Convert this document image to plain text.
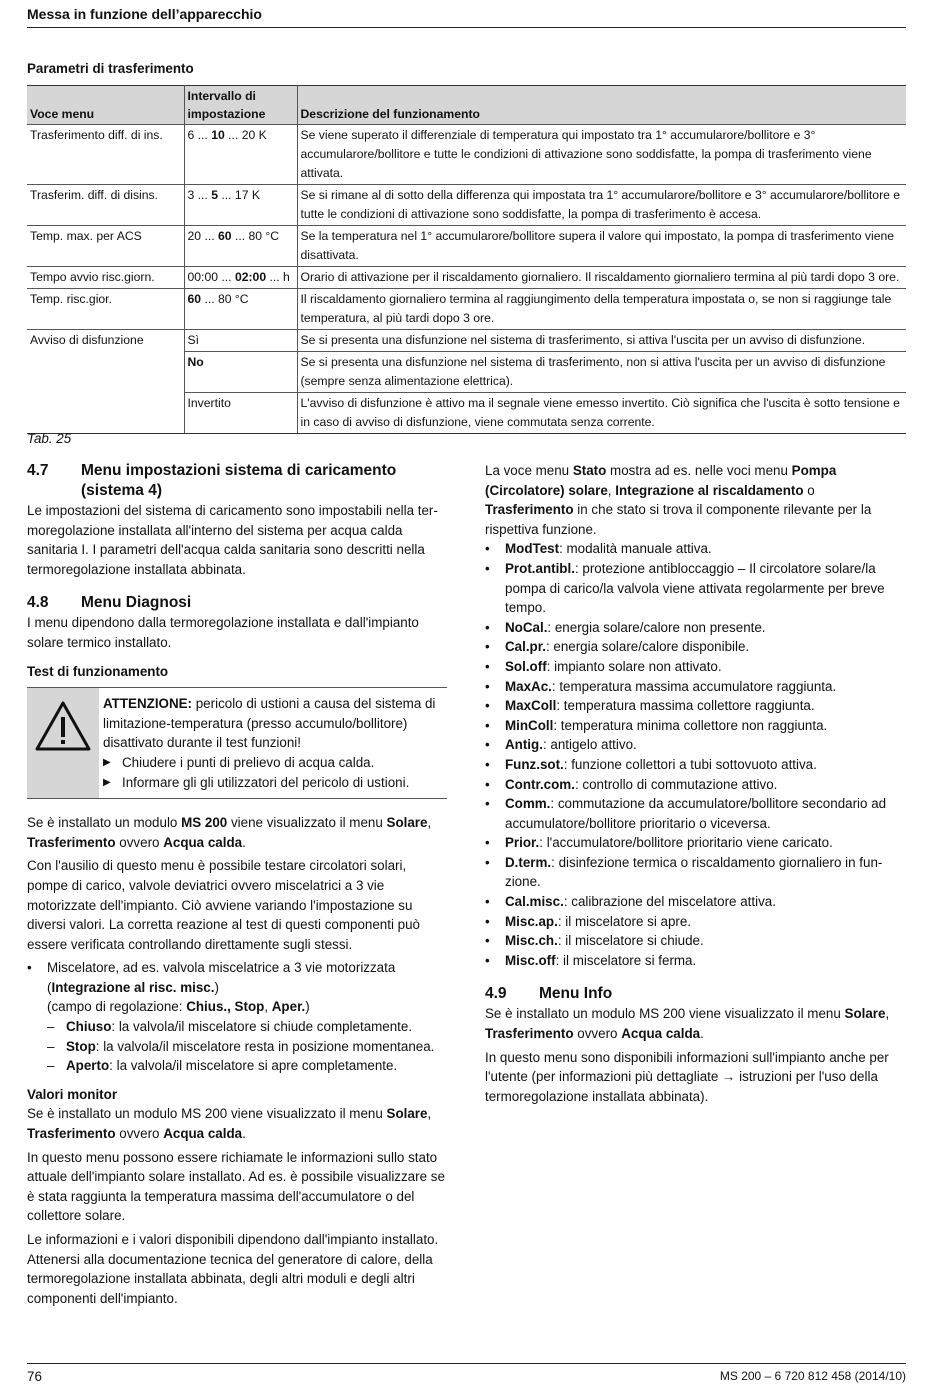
Messa in funzione dell’apparecchio
Parametri di trasferimento
Voce menu	Intervallo di impostazione	Descrizione del funzionamento
Trasferimento diff. di ins.	6 ... 10 ... 20 K	Se viene superato il differenziale di temperatura qui impostato tra 1° accumularore/bollitore e 3° accumularore/bollitore e tutte le condizioni di attivazione sono soddisfatte, la pompa di trasferimento viene attivata.
Trasferim. diff. di disins.	3 ... 5 ... 17 K	Se si rimane al di sotto della differenza qui impostata tra 1° accumularore/bollitore e 3° accumularore/bollitore e tutte le condizioni di attivazione sono soddisfatte, la pompa di trasferimento è accesa.
Temp. max. per ACS	20 ... 60 ... 80 °C	Se la temperatura nel 1° accumularore/bollitore supera il valore qui impostato, la pompa di trasferimento viene disattivata.
Tempo avvio risc.giorn.	00:00 ... 02:00 ... h	Orario di attivazione per il riscaldamento giornaliero. Il riscaldamento giornaliero termina al più tardi dopo 3 ore.
Temp. risc.gior.	60 ... 80 °C	Il riscaldamento giornaliero termina al raggiungimento della temperatura impostata o, se non si raggiunge tale temperatura, al più tardi dopo 3 ore.
Avviso di disfunzione	Sì	Se si presenta una disfunzione nel sistema di trasferimento, si attiva l'uscita per un avviso di disfunzione.
	No	Se si presenta una disfunzione nel sistema di trasferimento, non si attiva l'uscita per un avviso di disfunzione (sempre senza alimentazione elettrica).
	Invertito	L'avviso di disfunzione è attivo ma il segnale viene emesso invertito. Ciò significa che l'uscita è sotto tensione e in caso di avviso di disfunzione, viene commutata senza corrente.
Tab. 25
4.7	Menu impostazioni sistema di caricamento (sistema 4)

Le impostazioni del sistema di caricamento sono impostabili nella termoregolazione installata all'interno del sistema per acqua calda sanitaria I. I parametri dell'acqua calda sanitaria sono descritti nella termoregolazione installata abbinata.

4.8	Menu Diagnosi

I menu dipendono dalla termoregolazione installata e dall'impianto solare termico installato.

Test di funzionamento

ATTENZIONE: pericolo di ustioni a causa del sistema di limitazione-temperatura (presso accumulo/bollitore) disattivato durante il test funzioni!

▶ Chiudere i punti di prelievo di acqua calda.
▶ Informare gli gli utilizzatori del pericolo di ustioni.

Se è installato un modulo MS 200 viene visualizzato il menu Solare, Trasferimento ovvero Acqua calda.

Con l'ausilio di questo menu è possibile testare circolatori solari, pompe di carico, valvole deviatrici ovvero miscelatrici a 3 vie motorizzate dell'impianto. Ciò avviene variando l'impostazione su diversi valori. La corretta reazione al test di questi componenti può essere verificata controllando direttamente sugli stessi.

•	Miscelatore, ad es. valvola miscelatrice a 3 vie motorizzata
(Integrazione al risc. misc.)
(campo di regolazione: Chius., Stop, Aper.)
– Chiuso: la valvola/il miscelatore si chiude completamente.
– Stop: la valvola/il miscelatore resta in posizione momentanea.
– Aperto: la valvola/il miscelatore si apre completamente.
Valori monitor

Se è installato un modulo MS 200 viene visualizzato il menu Solare, Trasferimento ovvero Acqua calda.

In questo menu possono essere richiamate le informazioni sullo stato attuale dell'impianto solare installato. Ad es. è possibile visualizzare se è stata raggiunta la temperatura massima dell'accumulatore o del collettore solare.

Le informazioni e i valori disponibili dipendono dall'impianto installato. Attenersi alla documentazione tecnica del generatore di calore, della termoregolazione installata abbinata, degli altri moduli e degli altri componenti dell'impianto.

La voce menu Stato mostra ad es. nelle voci menu Pompa (Circolatore) solare, Integrazione al riscaldamento o Trasferimento in che stato si trova il componente rilevante per la rispettiva funzione.

•	ModTest: modalità manuale attiva.
•	Prot.antibl.: protezione antibloccaggio – Il circolatore solare/la pompa di carico/la valvola viene attivata regolarmente per breve tempo.
•	NoCal.: energia solare/calore non presente.
•	Cal.pr.: energia solare/calore disponibile.
•	Sol.off: impianto solare non attivato.
•	MaxAc.: temperatura massima accumulatore raggiunta.
•	MaxColl: temperatura massima collettore raggiunta.
•	MinColl: temperatura minima collettore non raggiunta.
•	Antig.: antigelo attivo.
•	Funz.sot.: funzione collettori a tubi sottovuoto attiva.
•	Contr.com.: controllo di commutazione attivo.
•	Comm.: commutazione da accumulatore/bollitore secondario ad accumulatore/bollitore prioritario o viceversa.
•	Prior.: l'accumulatore/bollitore prioritario viene caricato.
•	D.term.: disinfezione termica o riscaldamento giornaliero in funzione.
•	Cal.misc.: calibrazione del miscelatore attiva.
•	Misc.ap.: il miscelatore si apre.
•	Misc.ch.: il miscelatore si chiude.
•	Misc.off: il miscelatore si ferma.
4.9	Menu Info

Se è installato un modulo MS 200 viene visualizzato il menu Solare, Trasferimento ovvero Acqua calda.

In questo menu sono disponibili informazioni sull'impianto anche per l'utente (per informazioni più dettagliate → istruzioni per l'uso della termoregolazione installata abbinata).

76	MS 200 – 6 720 812 458 (2014/10)
